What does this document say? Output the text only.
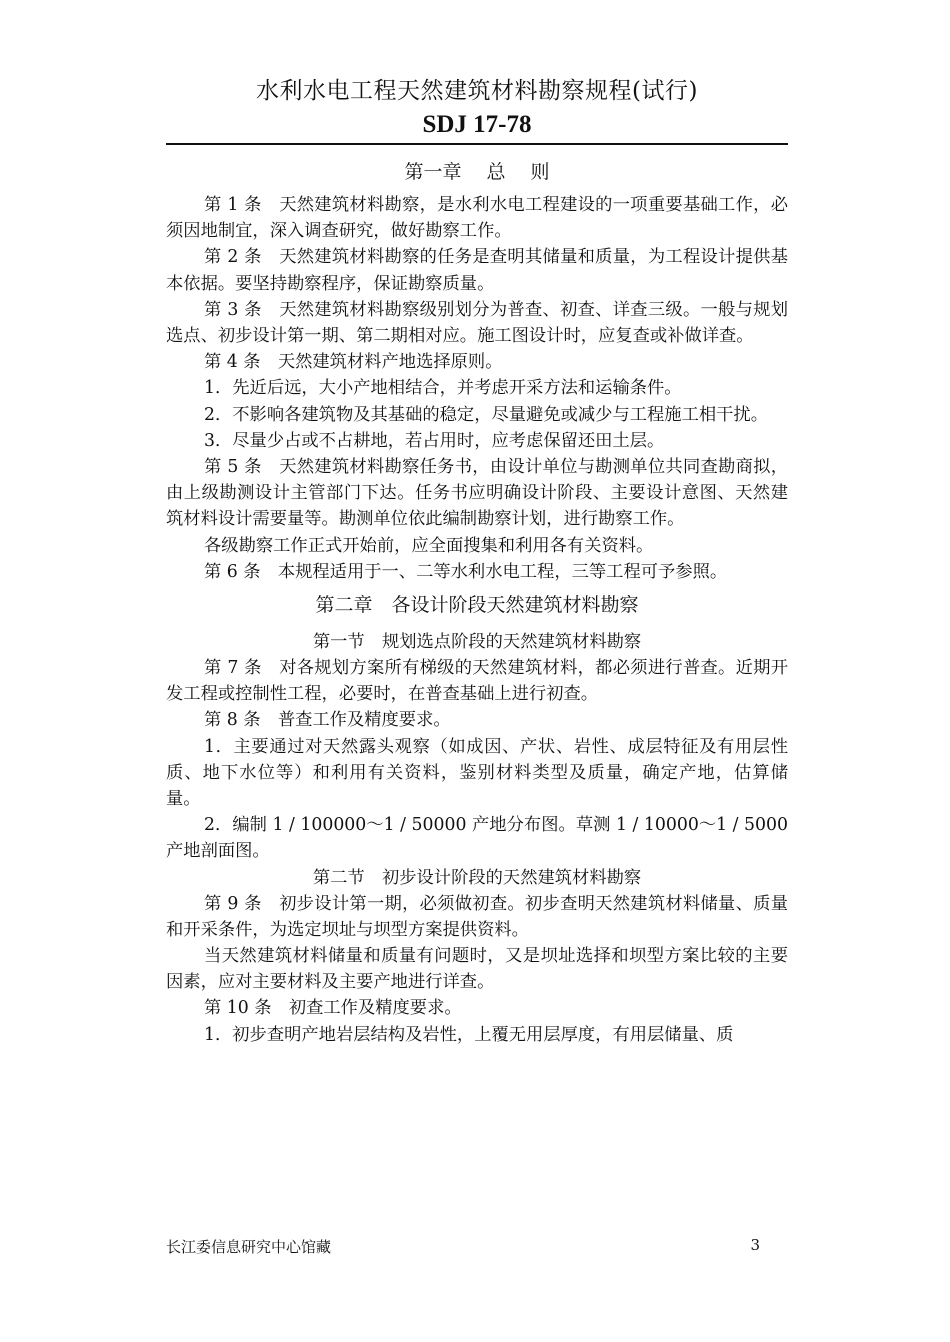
水利水电工程天然建筑材料勘察规程(试行)
SDJ 17-78
第一章　 总　 则

第 1 条　天然建筑材料勘察，是水利水电工程建设的一项重要基础工作，必须因地制宜，深入调查研究，做好勘察工作。

第 2 条　天然建筑材料勘察的任务是查明其储量和质量，为工程设计提供基本依据。要坚持勘察程序，保证勘察质量。

第 3 条　天然建筑材料勘察级别划分为普查、初查、详查三级。一般与规划选点、初步设计第一期、第二期相对应。施工图设计时，应复查或补做详查。

第 4 条　天然建筑材料产地选择原则。

1．先近后远，大小产地相结合，并考虑开采方法和运输条件。

2．不影响各建筑物及其基础的稳定，尽量避免或减少与工程施工相干扰。

3．尽量少占或不占耕地，若占用时，应考虑保留还田土层。

第 5 条　天然建筑材料勘察任务书，由设计单位与勘测单位共同查勘商拟，由上级勘测设计主管部门下达。任务书应明确设计阶段、主要设计意图、天然建筑材料设计需要量等。勘测单位依此编制勘察计划，进行勘察工作。

各级勘察工作正式开始前，应全面搜集和利用各有关资料。

第 6 条　本规程适用于一、二等水利水电工程，三等工程可予参照。

第二章　各设计阶段天然建筑材料勘察
第一节　规划选点阶段的天然建筑材料勘察

第 7 条　对各规划方案所有梯级的天然建筑材料，都必须进行普查。近期开发工程或控制性工程，必要时，在普查基础上进行初查。

第 8 条　普查工作及精度要求。

1．主要通过对天然露头观察（如成因、产状、岩性、成层特征及有用层性质、地下水位等）和利用有关资料，鉴别材料类型及质量，确定产地，估算储量。

2．编制 1 / 100000～1 / 50000 产地分布图。草测 1 / 10000～1 / 5000 产地剖面图。

第二节　初步设计阶段的天然建筑材料勘察

第 9 条　初步设计第一期，必须做初查。初步查明天然建筑材料储量、质量和开采条件，为选定坝址与坝型方案提供资料。

当天然建筑材料储量和质量有问题时，又是坝址选择和坝型方案比较的主要因素，应对主要材料及主要产地进行详查。

第 10 条　初查工作及精度要求。

1．初步查明产地岩层结构及岩性，上覆无用层厚度，有用层储量、质

长江委信息研究中心馆藏	3
